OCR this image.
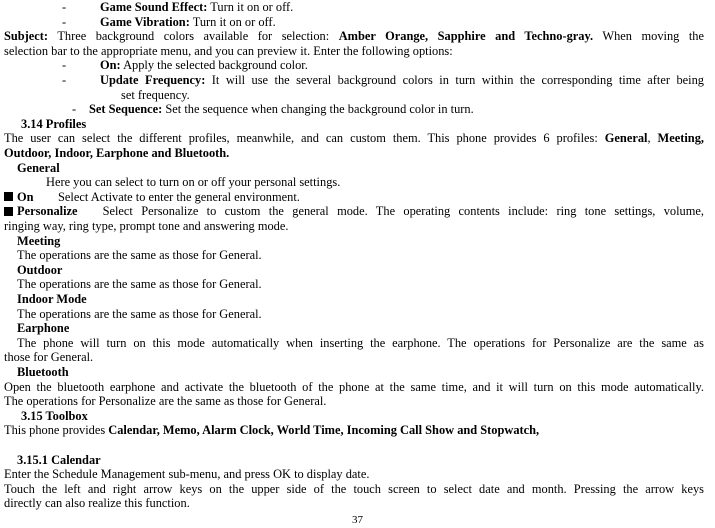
-	Game Sound Effect: Turn it on or off.
-	Game Vibration: Turn it on or off.
Subject: Three background colors available for selection: Amber Orange, Sapphire and Techno-gray. When moving the
selection bar to the appropriate menu, and you can preview it. Enter the following options:
-	On: Apply the selected background color.
-	Update Frequency: It will use the several background colors in turn within the corresponding time after being
set frequency.
- Set Sequence: Set the sequence when changing the background color in turn.
3.14 Profiles
The user can select the different profiles, meanwhile, and can custom them. This phone provides 6 profiles: General, Meeting,
Outdoor, Indoor, Earphone and Bluetooth.
General
Here you can select to turn on or off your personal settings.
On Select Activate to enter the general environment.
Personalize Select Personalize to custom the general mode. The operating contents include: ring tone settings, volume,
ringing way, ring type, prompt tone and answering mode.
Meeting
The operations are the same as those for General.
Outdoor
The operations are the same as those for General.
Indoor Mode
The operations are the same as those for General.
Earphone
The phone will turn on this mode automatically when inserting the earphone. The operations for Personalize are the same as
those for General.
Bluetooth
Open the bluetooth earphone and activate the bluetooth of the phone at the same time, and it will turn on this mode automatically.
The operations for Personalize are the same as those for General.
3.15 Toolbox
This phone provides Calendar, Memo, Alarm Clock, World Time, Incoming Call Show and Stopwatch,
3.15.1 Calendar
Enter the Schedule Management sub-menu, and press OK to display date.
Touch the left and right arrow keys on the upper side of the touch screen to select date and month. Pressing the arrow keys
directly can also realize this function.
37
